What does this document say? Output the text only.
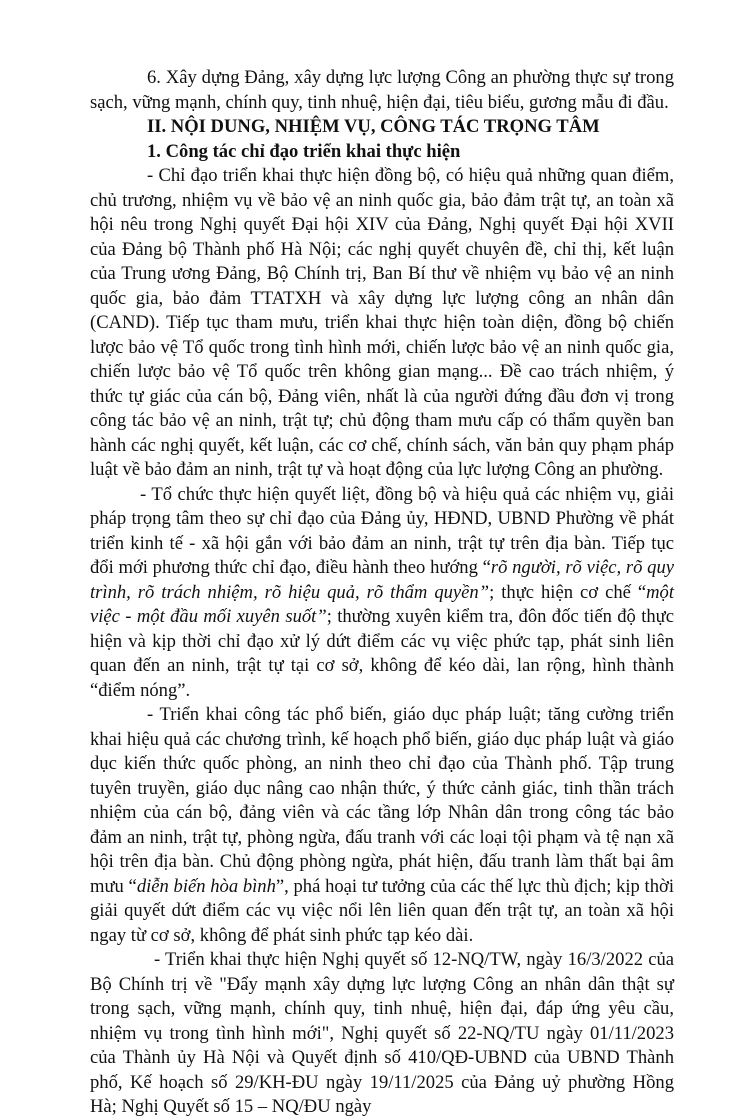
6. Xây dựng Đảng, xây dựng lực lượng Công an phường thực sự trong sạch, vững mạnh, chính quy, tinh nhuệ, hiện đại, tiêu biểu, gương mẫu đi đầu.

II. NỘI DUNG, NHIỆM VỤ, CÔNG TÁC TRỌNG TÂM

1. Công tác chỉ đạo triển khai thực hiện

- Chỉ đạo triển khai thực hiện đồng bộ, có hiệu quả những quan điểm, chủ trương, nhiệm vụ về bảo vệ an ninh quốc gia, bảo đảm trật tự, an toàn xã hội nêu trong Nghị quyết Đại hội XIV của Đảng, Nghị quyết Đại hội XVII của Đảng bộ Thành phố Hà Nội; các nghị quyết chuyên đề, chỉ thị, kết luận của Trung ương Đảng, Bộ Chính trị, Ban Bí thư về nhiệm vụ bảo vệ an ninh quốc gia, bảo đảm TTATXH và xây dựng lực lượng công an nhân dân (CAND). Tiếp tục tham mưu, triển khai thực hiện toàn diện, đồng bộ chiến lược bảo vệ Tổ quốc trong tình hình mới, chiến lược bảo vệ an ninh quốc gia, chiến lược bảo vệ Tổ quốc trên không gian mạng... Đề cao trách nhiệm, ý thức tự giác của cán bộ, Đảng viên, nhất là của người đứng đầu đơn vị trong công tác bảo vệ an ninh, trật tự; chủ động tham mưu cấp có thẩm quyền ban hành các nghị quyết, kết luận, các cơ chế, chính sách, văn bản quy phạm pháp luật về bảo đảm an ninh, trật tự và hoạt động của lực lượng Công an phường.

- Tổ chức thực hiện quyết liệt, đồng bộ và hiệu quả các nhiệm vụ, giải pháp trọng tâm theo sự chỉ đạo của Đảng ủy, HĐND, UBND Phường về phát triển kinh tế - xã hội gắn với bảo đảm an ninh, trật tự trên địa bàn. Tiếp tục đổi mới phương thức chỉ đạo, điều hành theo hướng “rõ người, rõ việc, rõ quy trình, rõ trách nhiệm, rõ hiệu quả, rõ thẩm quyền”; thực hiện cơ chế “một việc - một đầu mối xuyên suốt”; thường xuyên kiểm tra, đôn đốc tiến độ thực hiện và kịp thời chỉ đạo xử lý dứt điểm các vụ việc phức tạp, phát sinh liên quan đến an ninh, trật tự tại cơ sở, không để kéo dài, lan rộng, hình thành “điểm nóng”.

- Triển khai công tác phổ biến, giáo dục pháp luật; tăng cường triển khai hiệu quả các chương trình, kế hoạch phổ biến, giáo dục pháp luật và giáo dục kiến thức quốc phòng, an ninh theo chỉ đạo của Thành phố. Tập trung tuyên truyền, giáo dục nâng cao nhận thức, ý thức cảnh giác, tinh thần trách nhiệm của cán bộ, đảng viên và các tầng lớp Nhân dân trong công tác bảo đảm an ninh, trật tự, phòng ngừa, đấu tranh với các loại tội phạm và tệ nạn xã hội trên địa bàn. Chủ động phòng ngừa, phát hiện, đấu tranh làm thất bại âm mưu “diễn biến hòa bình”, phá hoại tư tưởng của các thế lực thù địch; kịp thời giải quyết dứt điểm các vụ việc nổi lên liên quan đến trật tự, an toàn xã hội ngay từ cơ sở, không để phát sinh phức tạp kéo dài.

- Triển khai thực hiện Nghị quyết số 12-NQ/TW, ngày 16/3/2022 của Bộ Chính trị về "Đẩy mạnh xây dựng lực lượng Công an nhân dân thật sự trong sạch, vững mạnh, chính quy, tinh nhuệ, hiện đại, đáp ứng yêu cầu, nhiệm vụ trong tình hình mới", Nghị quyết số 22-NQ/TU ngày 01/11/2023 của Thành ủy Hà Nội và Quyết định số 410/QĐ-UBND của UBND Thành phố, Kế hoạch số 29/KH-ĐU ngày 19/11/2025 của Đảng uỷ phường Hồng Hà; Nghị Quyết số 15 – NQ/ĐU ngày
